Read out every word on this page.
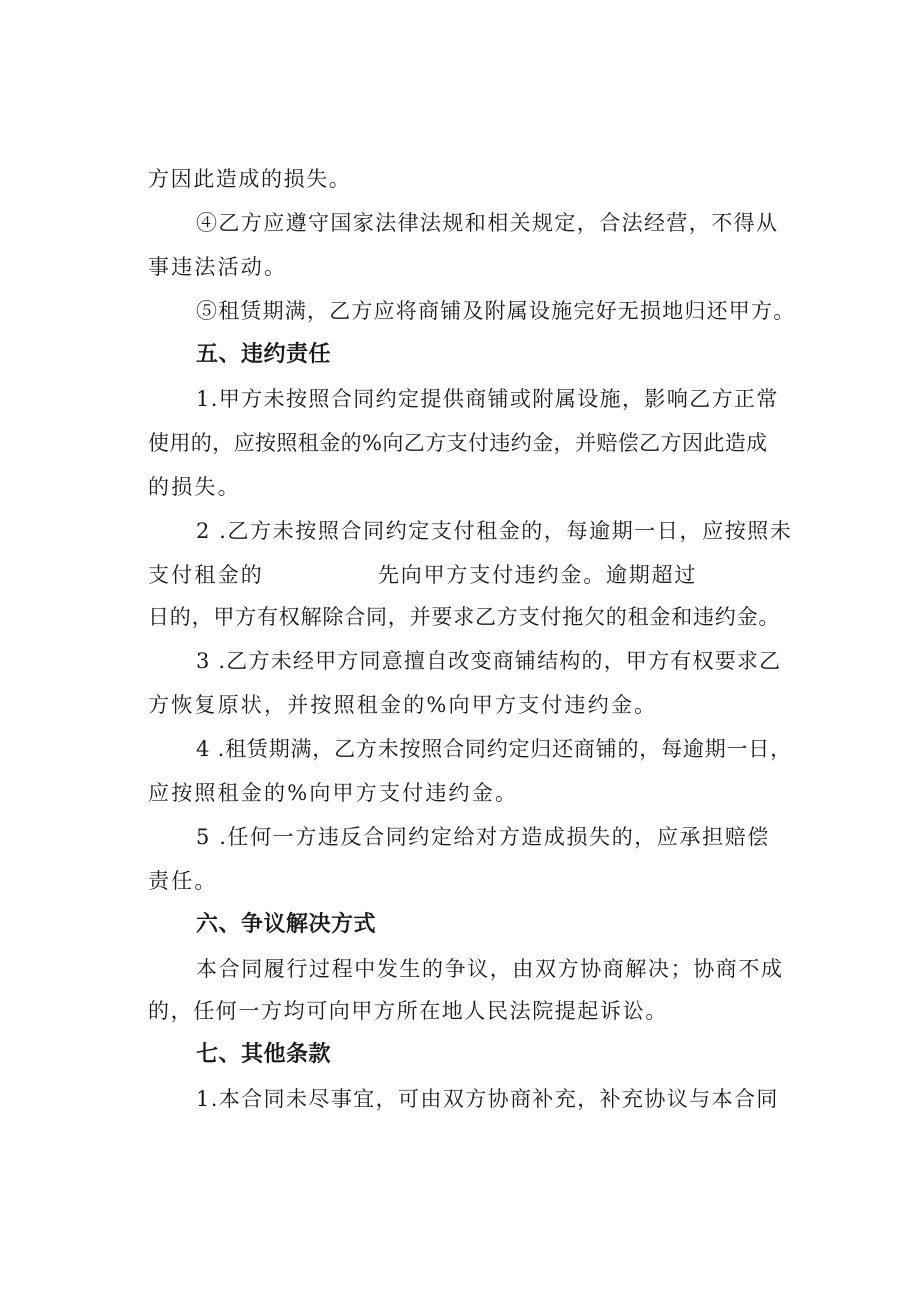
方因此造成的损失。

④乙方应遵守国家法律法规和相关规定，合法经营，不得从

事违法活动。

⑤租赁期满，乙方应将商铺及附属设施完好无损地归还甲方。

五、违约责任

1.甲方未按照合同约定提供商铺或附属设施，影响乙方正常

使用的，应按照租金的%向乙方支付违约金，并赔偿乙方因此造成

的损失。

2 .乙方未按照合同约定支付租金的，每逾期一日，应按照未

支付租金的	先向甲方支付违约金。逾期超过

日的，甲方有权解除合同，并要求乙方支付拖欠的租金和违约金。

3 .乙方未经甲方同意擅自改变商铺结构的，甲方有权要求乙

方恢复原状，并按照租金的%向甲方支付违约金。

4 .租赁期满，乙方未按照合同约定归还商铺的，每逾期一日，

应按照租金的%向甲方支付违约金。

5 .任何一方违反合同约定给对方造成损失的，应承担赔偿

责任。

六、争议解决方式

本合同履行过程中发生的争议，由双方协商解决；协商不成

的，任何一方均可向甲方所在地人民法院提起诉讼。

七、其他条款

1.本合同未尽事宜，可由双方协商补充，补充协议与本合同
